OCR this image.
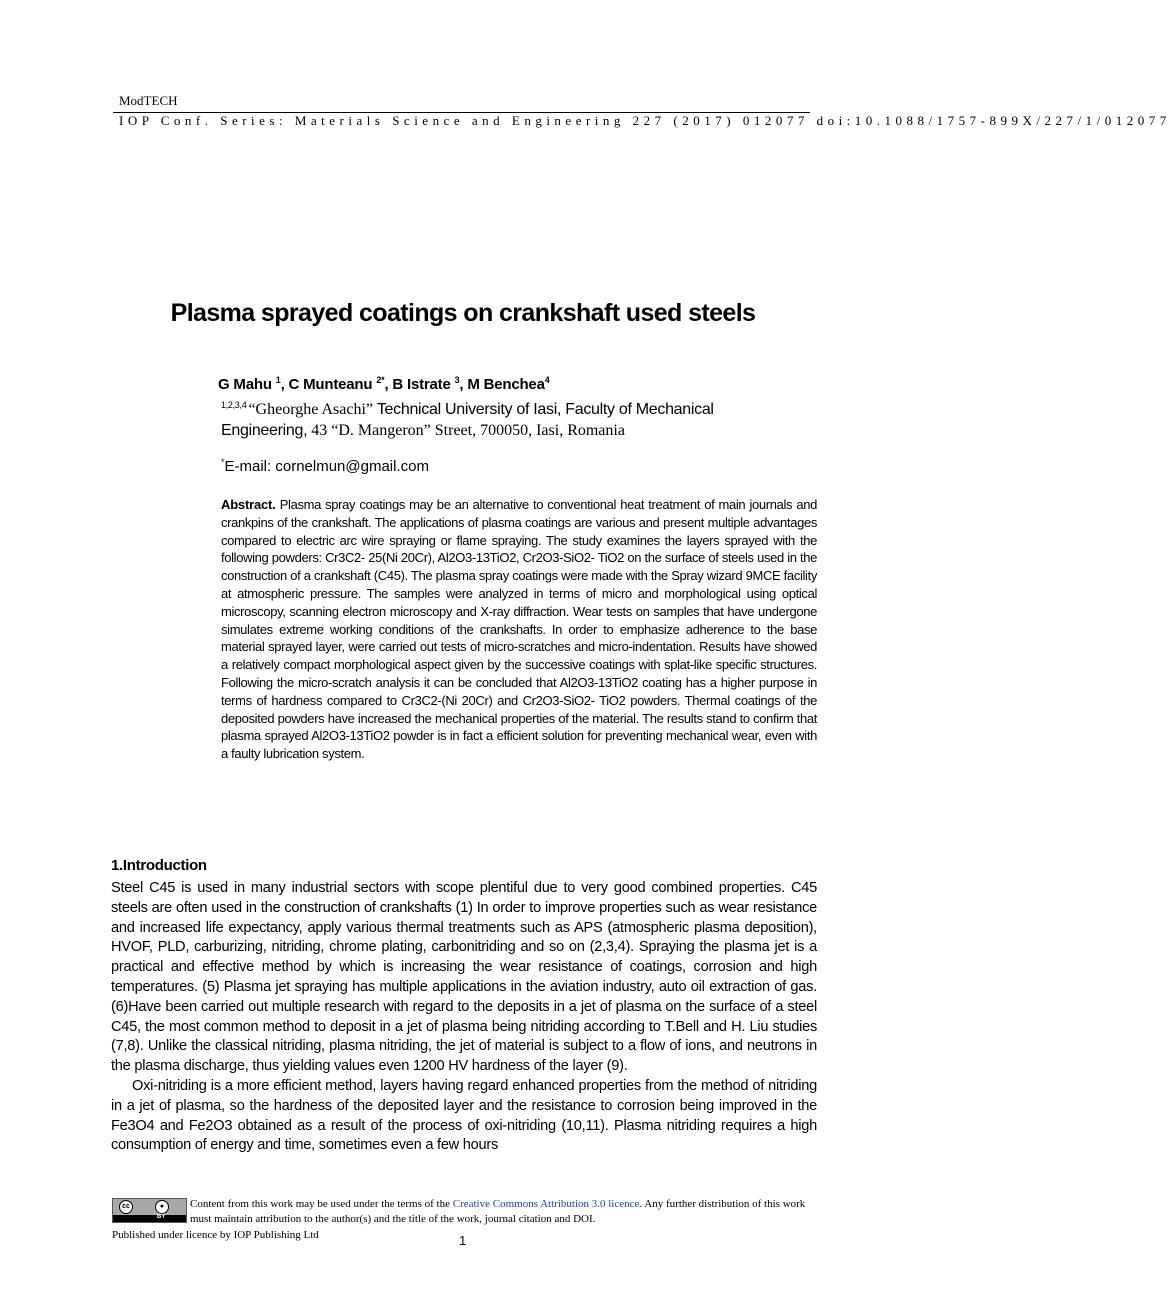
ModTECH
IOP Conf. Series: Materials Science and Engineering 227 (2017) 012077 doi:10.1088/1757-899X/227/1/012077
Plasma sprayed coatings on crankshaft used steels
G Mahu $^1$, C Munteanu $^{2*}$, B Istrate $^3$, M Benchea$^4$
$^{1,2,3,4}$ “Gheorghe Asachi” Technical University of Iasi, Faculty of Mechanical
Engineering, 43 “D. Mangeron” Street, 700050, Iasi, Romania
*E-mail: cornelmun@gmail.com
Abstract. Plasma spray coatings may be an alternative to conventional heat treatment of main journals and crankpins of the crankshaft. The applications of plasma coatings are various and present multiple advantages compared to electric arc wire spraying or flame spraying. The study examines the layers sprayed with the following powders: Cr3C2- 25(Ni 20Cr), Al2O3-13TiO2, Cr2O3-SiO2- TiO2 on the surface of steels used in the construction of a crankshaft (C45). The plasma spray coatings were made with the Spray wizard 9MCE facility at atmospheric pressure. The samples were analyzed in terms of micro and morphological using optical microscopy, scanning electron microscopy and X-ray diffraction. Wear tests on samples that have undergone simulates extreme working conditions of the crankshafts. In order to emphasize adherence to the base material sprayed layer, were carried out tests of micro-scratches and micro-indentation. Results have showed a relatively compact morphological aspect given by the successive coatings with splat-like specific structures. Following the micro-scratch analysis it can be concluded that Al2O3-13TiO2 coating has a higher purpose in terms of hardness compared to Cr3C2-(Ni 20Cr) and Cr2O3-SiO2- TiO2 powders. Thermal coatings of the deposited powders have increased the mechanical properties of the material. The results stand to confirm that plasma sprayed Al2O3-13TiO2 powder is in fact a efficient solution for preventing mechanical wear, even with a faulty lubrication system.
1.Introduction

Steel C45 is used in many industrial sectors with scope plentiful due to very good combined properties. C45 steels are often used in the construction of crankshafts (1) In order to improve properties such as wear resistance and increased life expectancy, apply various thermal treatments such as APS (atmospheric plasma deposition), HVOF, PLD, carburizing, nitriding, chrome plating, carbonitriding and so on (2,3,4). Spraying the plasma jet is a practical and effective method by which is increasing the wear resistance of coatings, corrosion and high temperatures. (5) Plasma jet spraying has multiple applications in the aviation industry, auto oil extraction of gas.(6)Have been carried out multiple research with regard to the deposits in a jet of plasma on the surface of a steel C45, the most common method to deposit in a jet of plasma being nitriding according to T.Bell and H. Liu studies (7,8). Unlike the classical nitriding, plasma nitriding, the jet of material is subject to a flow of ions, and neutrons in the plasma discharge, thus yielding values even 1200 HV hardness of the layer (9).

Oxi-nitriding is a more efficient method, layers having regard enhanced properties from the method of nitriding in a jet of plasma, so the hardness of the deposited layer and the resistance to corrosion being improved in the Fe3O4 and Fe2O3 obtained as a result of the process of oxi-nitriding (10,11). Plasma nitriding requires a high consumption of energy and time, sometimes even a few hours

cc	●
BY
Content from this work may be used under the terms of the Creative Commons Attribution 3.0 licence. Any further distribution of this work must maintain attribution to the author(s) and the title of the work, journal citation and DOI.
Published under licence by IOP Publishing Ltd	1
